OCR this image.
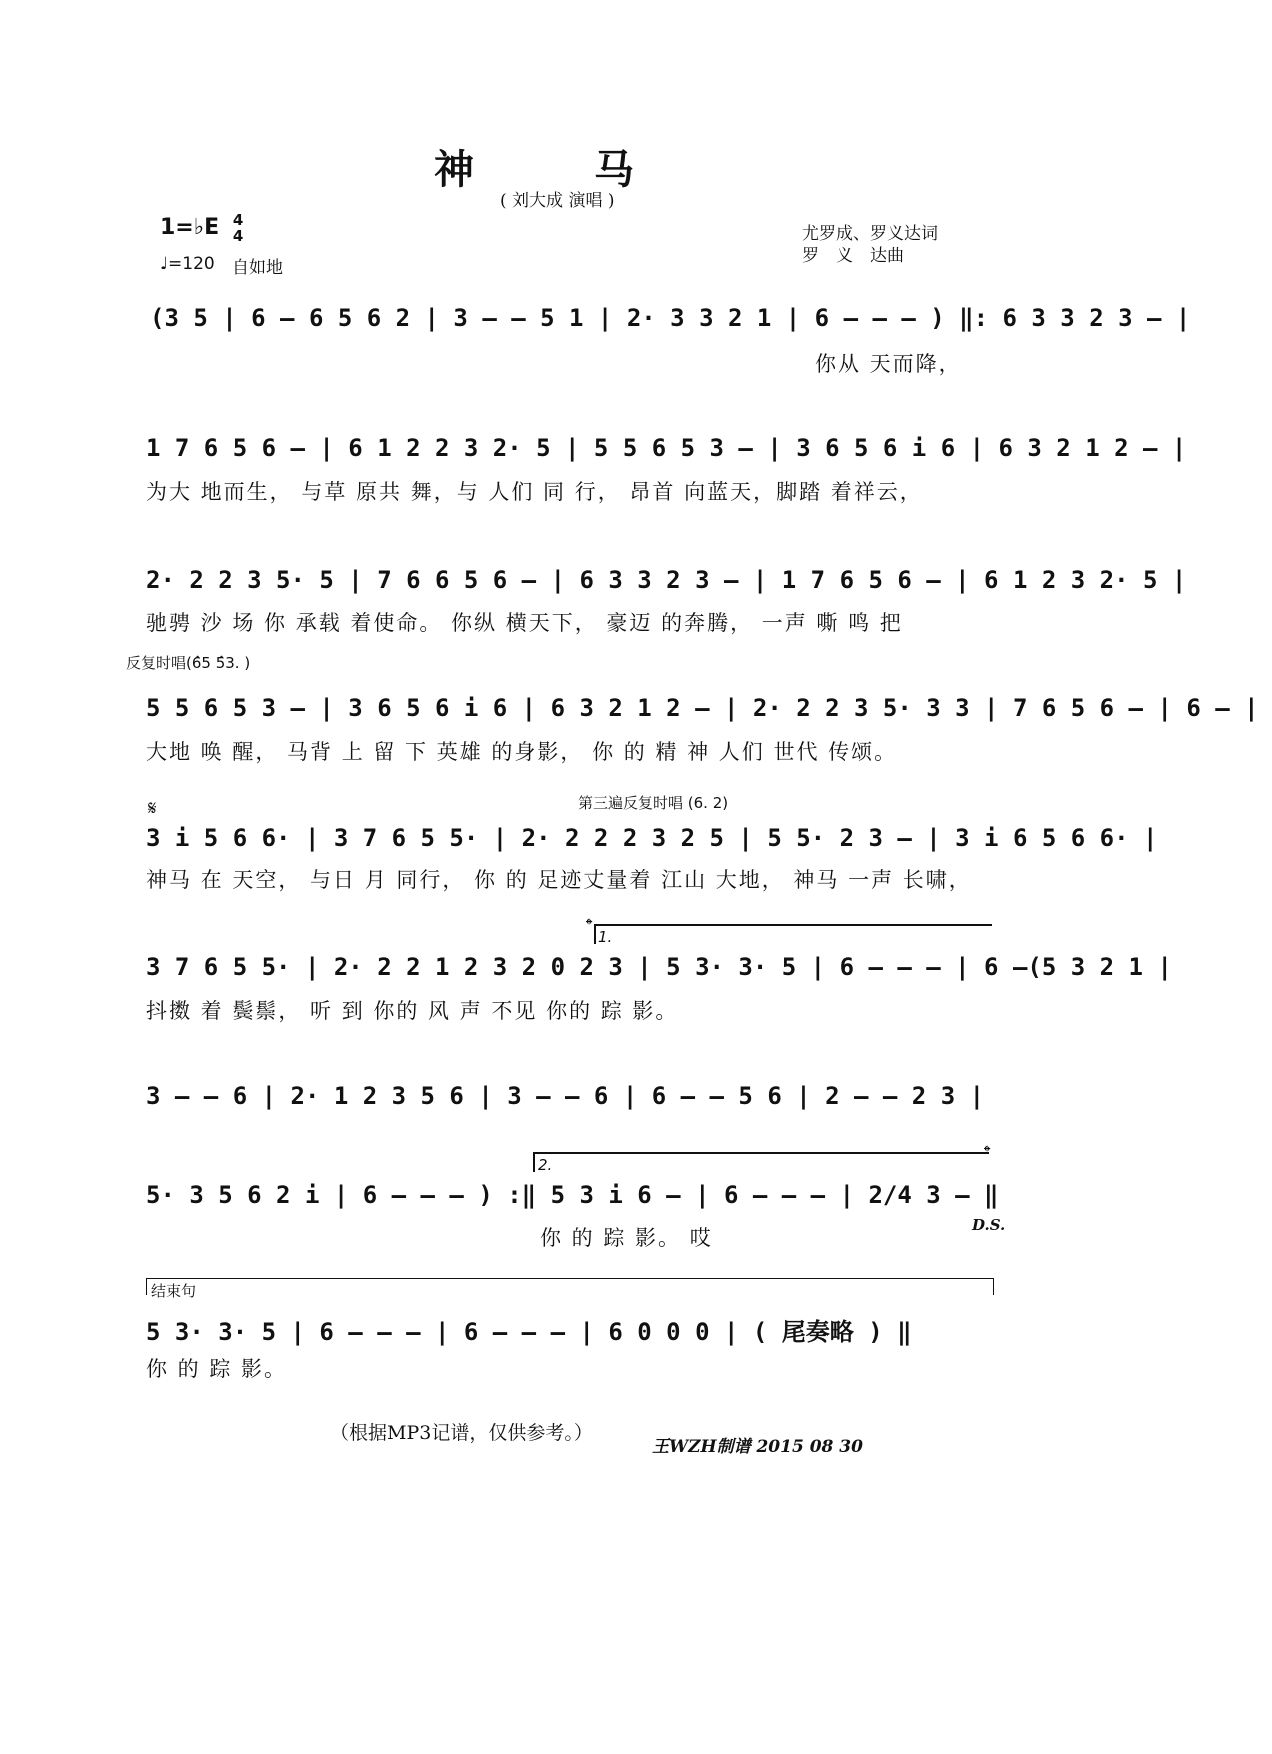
神　　　马
( 刘大成 演唱 )
1=♭E 4
4
♩=120 自如地
尤罗成、罗义达词
罗　义　达曲
(3 5 | 6 – 6 5 6 2 | 3 – – 5 1 | 2· 3 3 2 1 | 6 – – – ) ‖: 6 3 3 2 3 – |
你从 天而降，
1 7 6 5 6 – | 6 1 2 2 3 2· 5 | 5 5 6 5 3 – | 3 6 5 6 i 6 | 6 3 2 1 2 – |
为大 地而生， 与草 原共 舞，与 人们 同 行， 昂首 向蓝天，脚踏 着祥云，
2· 2 2 3 5· 5 | 7 6 6 5 6 – | 6 3 3 2 3 – | 1 7 6 5 6 – | 6 1 2 3 2· 5 |
驰骋 沙 场 你 承载 着使命。 你纵 横天下， 豪迈 的奔腾， 一声 嘶 鸣 把
反复时唱(6̂5 5̂3. )
5 5 6 5 3 – | 3 6 5 6 i 6 | 6 3 2 1 2 – | 2· 2 2 3 5· 3 3 | 7 6 5 6 – | 6 – |
大地 唤 醒， 马背 上 留 下 英雄 的身影， 你 的 精 神 人们 世代 传颂。
𝄋	第三遍反复时唱 (6. 2)
3 i 5 6 6· | 3 7 6 5 5· | 2· 2 2 2 3 2 5 | 5 5· 2 3 – | 3 i 6 5 6 6· |
神马 在 天空， 与日 月 同行， 你 的 足迹丈量着 江山 大地， 神马 一声 长啸，
𝄌
1.
3 7 6 5 5· | 2· 2 2 1 2 3 2 0 2 3 | 5 3· 3· 5 | 6 – – – | 6 –(5 3 2 1 |
抖擞 着 鬓鬃， 听 到 你的 风 声 不见 你的 踪 影。
3 – – 6 | 2· 1 2 3 5 6 | 3 – – 6 | 6 – – 5 6 | 2 – – 2 3 |
2.
𝄌
5· 3 5 6 2 i | 6 – – – ) :‖ 5 3 i 6 – | 6 – – – | 2/4 3 – ‖
你 的 踪 影。 哎
D.S.
结束句
5 3· 3· 5 | 6 – – – | 6 – – – | 6 0 0 0 | ( 尾奏略 ) ‖
你 的 踪 影。
（根据MP3记谱，仅供参考。）
王WZH制谱 2015 08 30
